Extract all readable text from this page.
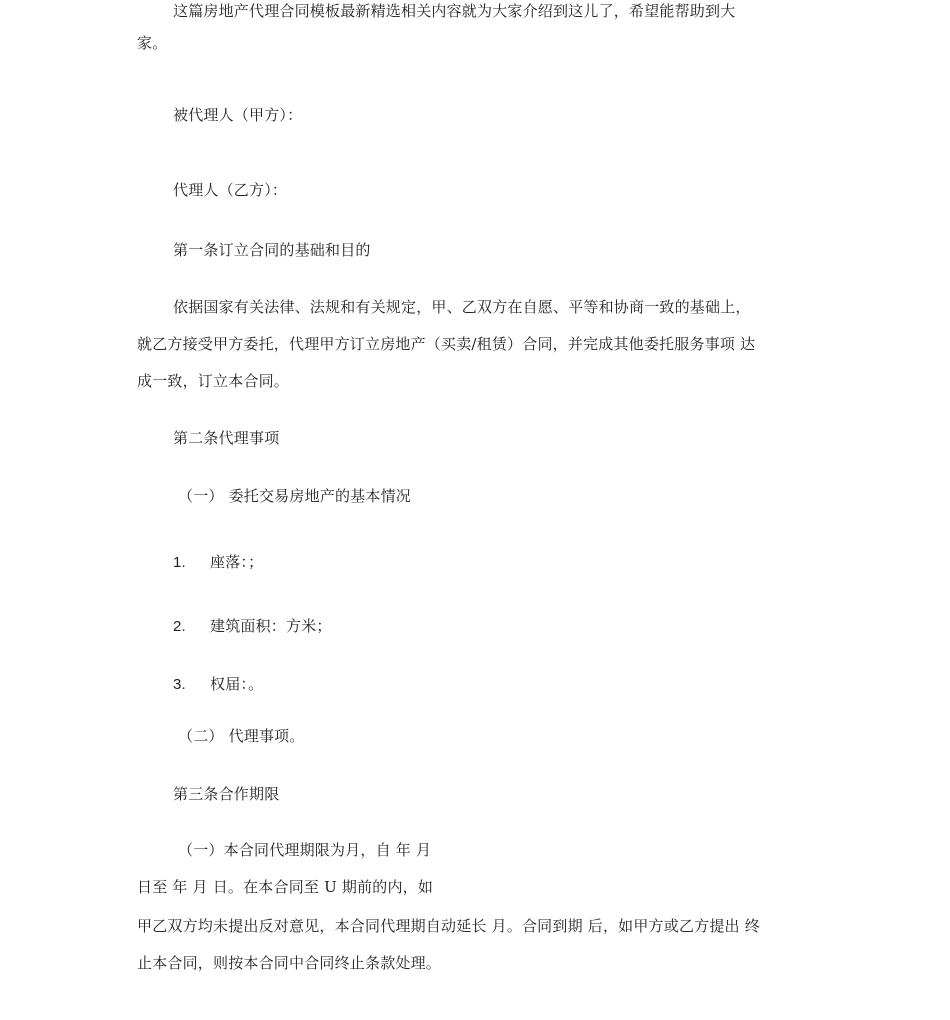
这篇房地产代理合同模板最新精选相关内容就为大家介绍到这儿了，希望能帮助到大
家。
被代理人（甲方）：
代理人（乙方）：
第一条订立合同的基础和目的
依据国家有关法律、法规和有关规定，甲、乙双方在自愿、平等和协商一致的基础上，
就乙方接受甲方委托，代理甲方订立房地产（买卖/租赁）合同，并完成其他委托服务事项 达
成一致，订立本合同。
第二条代理事项
（一） 委托交易房地产的基本情况
1. 座落：；
2. 建筑面积：方米；
3. 权届：。
（二） 代理事项。
第三条合作期限
（一）本合同代理期限为月，自 年 月
日至 年 月 日。在本合同至 U 期前的内，如
甲乙双方均未提出反对意见，本合同代理期自动延长 月。合同到期 后，如甲方或乙方提出 终
止本合同，则按本合同中合同终止条款处理。
